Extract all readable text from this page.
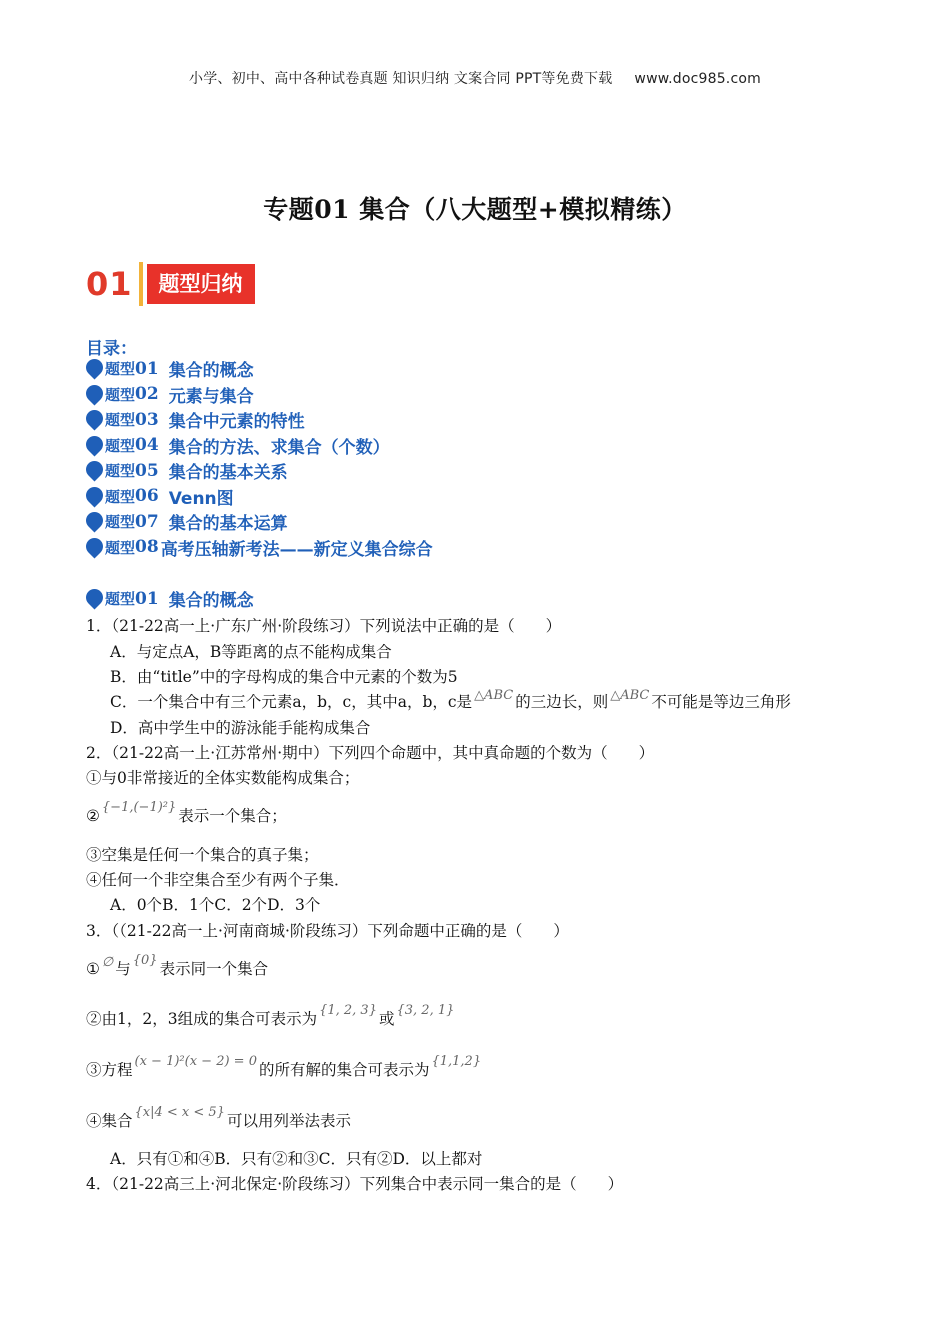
小学、初中、高中各种试卷真题 知识归纳 文案合同 PPT等免费下载 www.doc985.com
专题01 集合（八大题型+模拟精练）
01	题型归纳
目录：
题型 01 集合的概念
题型 02 元素与集合
题型 03 集合中元素的特性
题型 04 集合的方法、求集合（个数）
题型 05 集合的基本关系
题型 06 Venn图
题型 07 集合的基本运算
题型 08 高考压轴新考法——新定义集合综合
题型 01 集合的概念
1．（21-22高一上·广东广州·阶段练习）下列说法中正确的是（　　）
A．与定点A，B等距离的点不能构成集合
B．由“title”中的字母构成的集合中元素的个数为5
C．一个集合中有三个元素a，b，c，其中a，b，c是 $^{\triangle ABC}$ 的三边长，则 $^{\triangle ABC}$ 不可能是等边三角形
D．高中学生中的游泳能手能构成集合
2．（21-22高一上·江苏常州·期中）下列四个命题中，其中真命题的个数为（　　）
①与0非常接近的全体实数能构成集合；
② $^{\{-1,(-1)^2\}}$ 表示一个集合；
③空集是任何一个集合的真子集；
④任何一个非空集合至少有两个子集．
A．0个B．1个C．2个D．3个
3．（（21-22高一上·河南商城·阶段练习）下列命题中正确的是（　　）
① ∅ 与 $^{\{0\}}$ 表示同一个集合
②由1，2，3组成的集合可表示为 $^{\{1, 2, 3\}}$ 或 $^{\{3, 2, 1\}}$
③方程 $^{(x - 1)^2(x - 2) = 0}$ 的所有解的集合可表示为 $^{\{1,1,2\}}$
④集合 $^{\{x|4 < x < 5\}}$ 可以用列举法表示
A．只有①和④B．只有②和③C．只有②D．以上都对
4．（21-22高三上·河北保定·阶段练习）下列集合中表示同一集合的是（　　）
